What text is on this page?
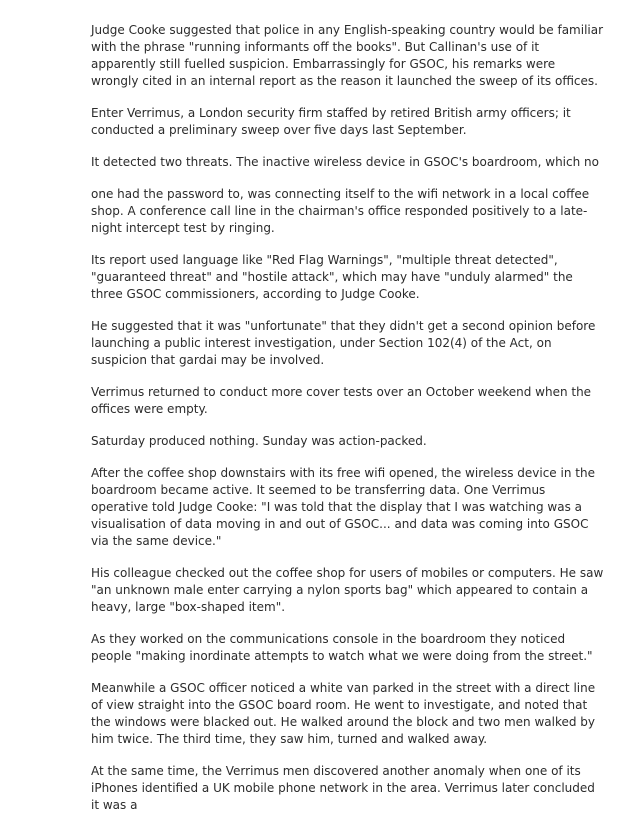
Judge Cooke suggested that police in any English-speaking country would be familiar with the phrase "running informants off the books". But Callinan's use of it apparently still fuelled suspicion. Embarrassingly for GSOC, his remarks were wrongly cited in an internal report as the reason it launched the sweep of its offices.

Enter Verrimus, a London security firm staffed by retired British army officers; it conducted a preliminary sweep over five days last September.

It detected two threats. The inactive wireless device in GSOC's boardroom, which no

one had the password to, was connecting itself to the wifi network in a local coffee shop. A conference call line in the chairman's office responded positively to a late-night intercept test by ringing.

Its report used language like "Red Flag Warnings", "multiple threat detected", "guaranteed threat" and "hostile attack", which may have "unduly alarmed" the three GSOC commissioners, according to Judge Cooke.

He suggested that it was "unfortunate" that they didn't get a second opinion before launching a public interest investigation, under Section 102(4) of the Act, on suspicion that gardai may be involved.

Verrimus returned to conduct more cover tests over an October weekend when the offices were empty.

Saturday produced nothing. Sunday was action-packed.

After the coffee shop downstairs with its free wifi opened, the wireless device in the boardroom became active. It seemed to be transferring data. One Verrimus operative told Judge Cooke: "I was told that the display that I was watching was a visualisation of data moving in and out of GSOC... and data was coming into GSOC via the same device."

His colleague checked out the coffee shop for users of mobiles or computers. He saw "an unknown male enter carrying a nylon sports bag" which appeared to contain a heavy, large "box-shaped item".

As they worked on the communications console in the boardroom they noticed people "making inordinate attempts to watch what we were doing from the street."

Meanwhile a GSOC officer noticed a white van parked in the street with a direct line of view straight into the GSOC board room. He went to investigate, and noted that the windows were blacked out. He walked around the block and two men walked by him twice. The third time, they saw him, turned and walked away.

At the same time, the Verrimus men discovered another anomaly when one of its iPhones identified a UK mobile phone network in the area. Verrimus later concluded it was a
